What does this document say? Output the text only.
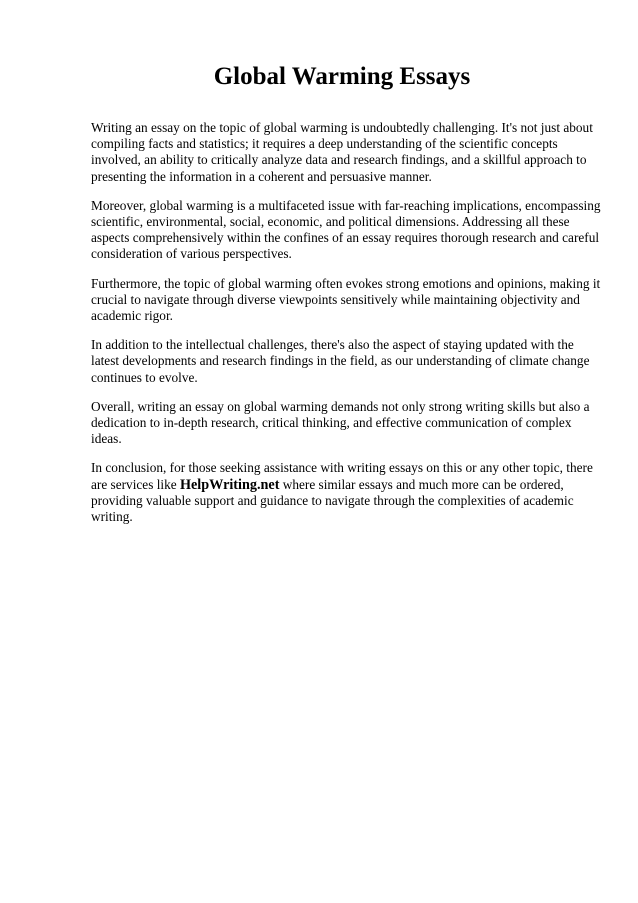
Global Warming Essays

Writing an essay on the topic of global warming is undoubtedly challenging. It's not just about compiling facts and statistics; it requires a deep understanding of the scientific concepts involved, an ability to critically analyze data and research findings, and a skillful approach to presenting the information in a coherent and persuasive manner.

Moreover, global warming is a multifaceted issue with far-reaching implications, encompassing scientific, environmental, social, economic, and political dimensions. Addressing all these aspects comprehensively within the confines of an essay requires thorough research and careful consideration of various perspectives.

Furthermore, the topic of global warming often evokes strong emotions and opinions, making it crucial to navigate through diverse viewpoints sensitively while maintaining objectivity and academic rigor.

In addition to the intellectual challenges, there's also the aspect of staying updated with the latest developments and research findings in the field, as our understanding of climate change continues to evolve.

Overall, writing an essay on global warming demands not only strong writing skills but also a dedication to in-depth research, critical thinking, and effective communication of complex ideas.

In conclusion, for those seeking assistance with writing essays on this or any other topic, there are services like HelpWriting.net where similar essays and much more can be ordered, providing valuable support and guidance to navigate through the complexities of academic writing.
